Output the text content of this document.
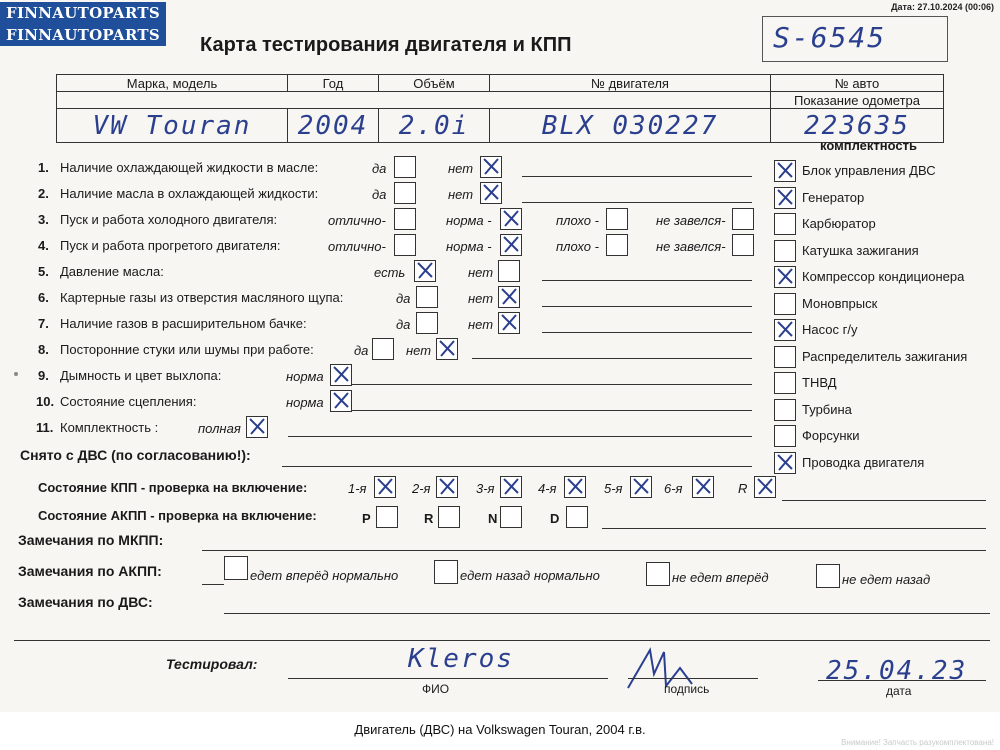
FINNAUTOPARTS
FINNAUTOPARTS
Дата: 27.10.2024 (00:06)
Карта тестирования двигателя и КПП	S-6545
Марка, модель	Год	Объём	№ двигателя	№ авто
				Показание одометра
VW Touran	2004	2.0i	BLX 030227	223635
1. Наличие охлаждающей жидкости в масле:	да	нет
2. Наличие масла в охлаждающей жидкости:	да	нет
3. Пуск и работа холодного двигателя:	отлично-	норма -	плохо -	не завелся-
4. Пуск и работа прогретого двигателя:	отлично-	норма -	плохо -	не завелся-
5. Давление масла:	есть	нет
6. Картерные газы из отверстия масляного щупа:	да	нет
7. Наличие газов в расширительном бачке:	да	нет
8. Посторонние стуки или шумы при работе:	да	нет
9. Дымность и цвет выхлопа:	норма
10. Состояние сцепления:	норма
11. Комплектность :	полная
комплектность
Блок управления ДВС
Генератор
Карбюратор
Катушка зажигания
Компрессор кондиционера
Моновпрыск
Насос г/у
Распределитель зажигания
ТНВД
Турбина
Форсунки
Проводка двигателя
Снято с ДВС (по согласованию!):
Состояние КПП - проверка на включение:	1-я	2-я	3-я	4-я	5-я	6-я	R
Состояние АКПП - проверка на включение:	P	R	N	D
Замечания по МКПП:
Замечания по АКПП:	едет вперёд нормально	едет назад нормально	не едет вперёд	не едет назад
Замечания по ДВС:
Тестировал:	Kleros
ФИО	подпись
25.04.23
дата
Двигатель (ДВС) на Volkswagen Touran, 2004 г.в.
Внимание! Запчасть разукомплектована!
